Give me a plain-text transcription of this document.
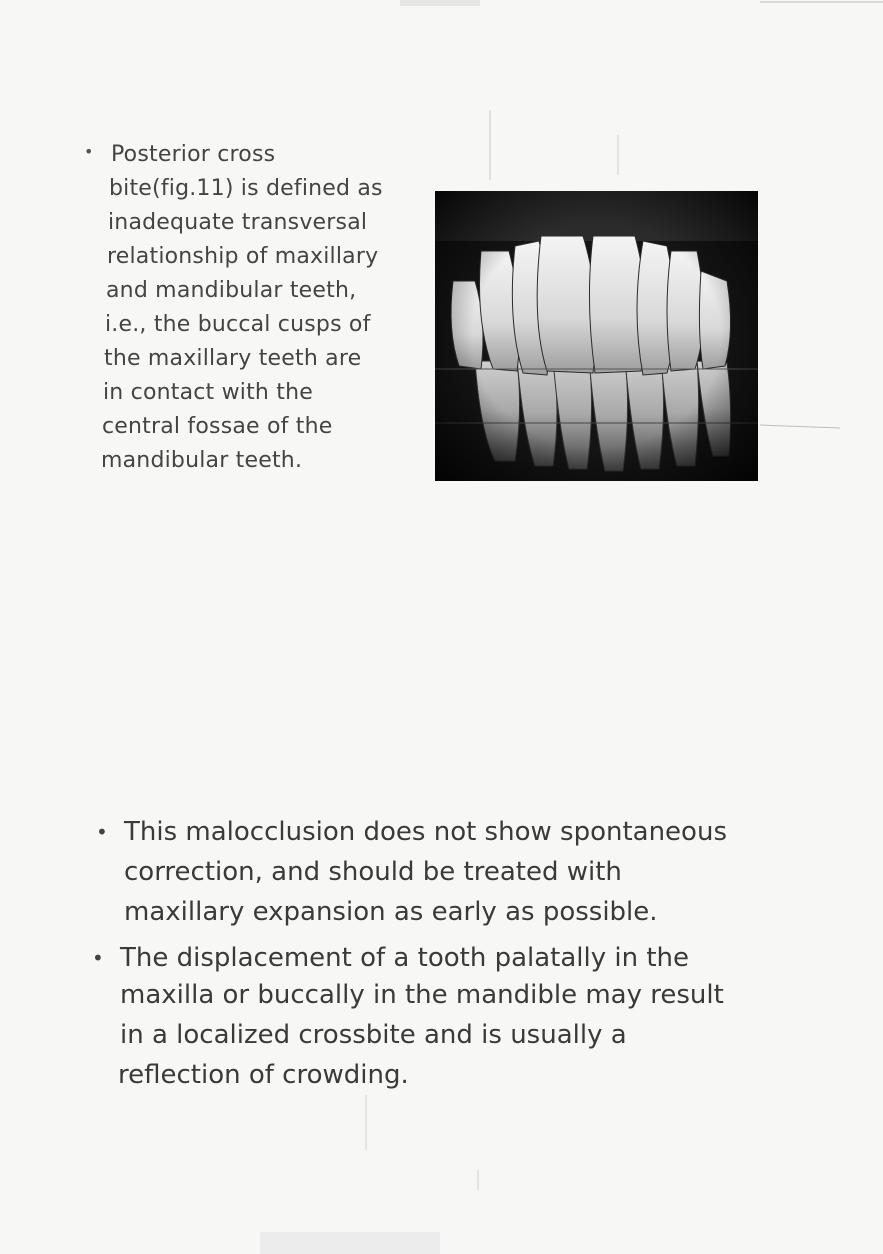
• Posterior cross
bite(fig.11) is defined as
inadequate transversal
relationship of maxillary
and mandibular teeth,
i.e., the buccal cusps of
the maxillary teeth are
in contact with the
central fossae of the
mandibular teeth.
• This malocclusion does not show spontaneous
correction, and should be treated with
maxillary expansion as early as possible.
• The displacement of a tooth palatally in the
maxilla or buccally in the mandible may result
in a localized crossbite and is usually a
reflection of crowding.
